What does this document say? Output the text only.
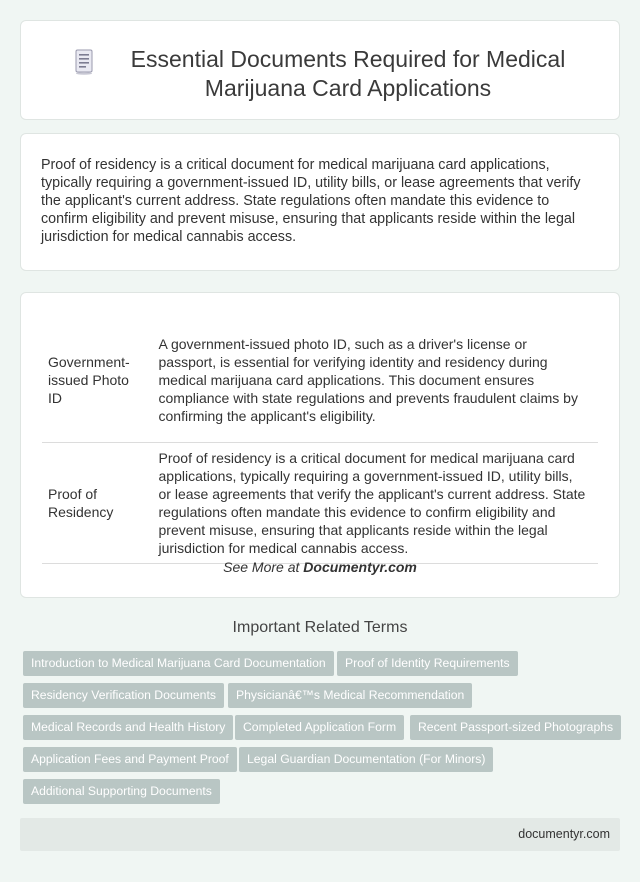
Essential Documents Required for Medical Marijuana Card Applications

Proof of residency is a critical document for medical marijuana card applications, typically requiring a government-issued ID, utility bills, or lease agreements that verify the applicant's current address. State regulations often mandate this evidence to confirm eligibility and prevent misuse, ensuring that applicants reside within the legal jurisdiction for medical cannabis access.

Government-issued Photo ID	A government-issued photo ID, such as a driver's license or passport, is essential for verifying identity and residency during medical marijuana card applications. This document ensures compliance with state regulations and prevents fraudulent claims by confirming the applicant's eligibility.
Proof of Residency	Proof of residency is a critical document for medical marijuana card applications, typically requiring a government-issued ID, utility bills, or lease agreements that verify the applicant's current address. State regulations often mandate this evidence to confirm eligibility and prevent misuse, ensuring that applicants reside within the legal jurisdiction for medical cannabis access.
See More at Documentyr.com
Important Related Terms
Introduction to Medical Marijuana Card Documentation	Proof of Identity Requirements
Residency Verification Documents	Physicianâ€™s Medical Recommendation
Medical Records and Health History	Completed Application Form	Recent Passport-sized Photographs
Application Fees and Payment Proof	Legal Guardian Documentation (For Minors)
Additional Supporting Documents
documentyr.com
